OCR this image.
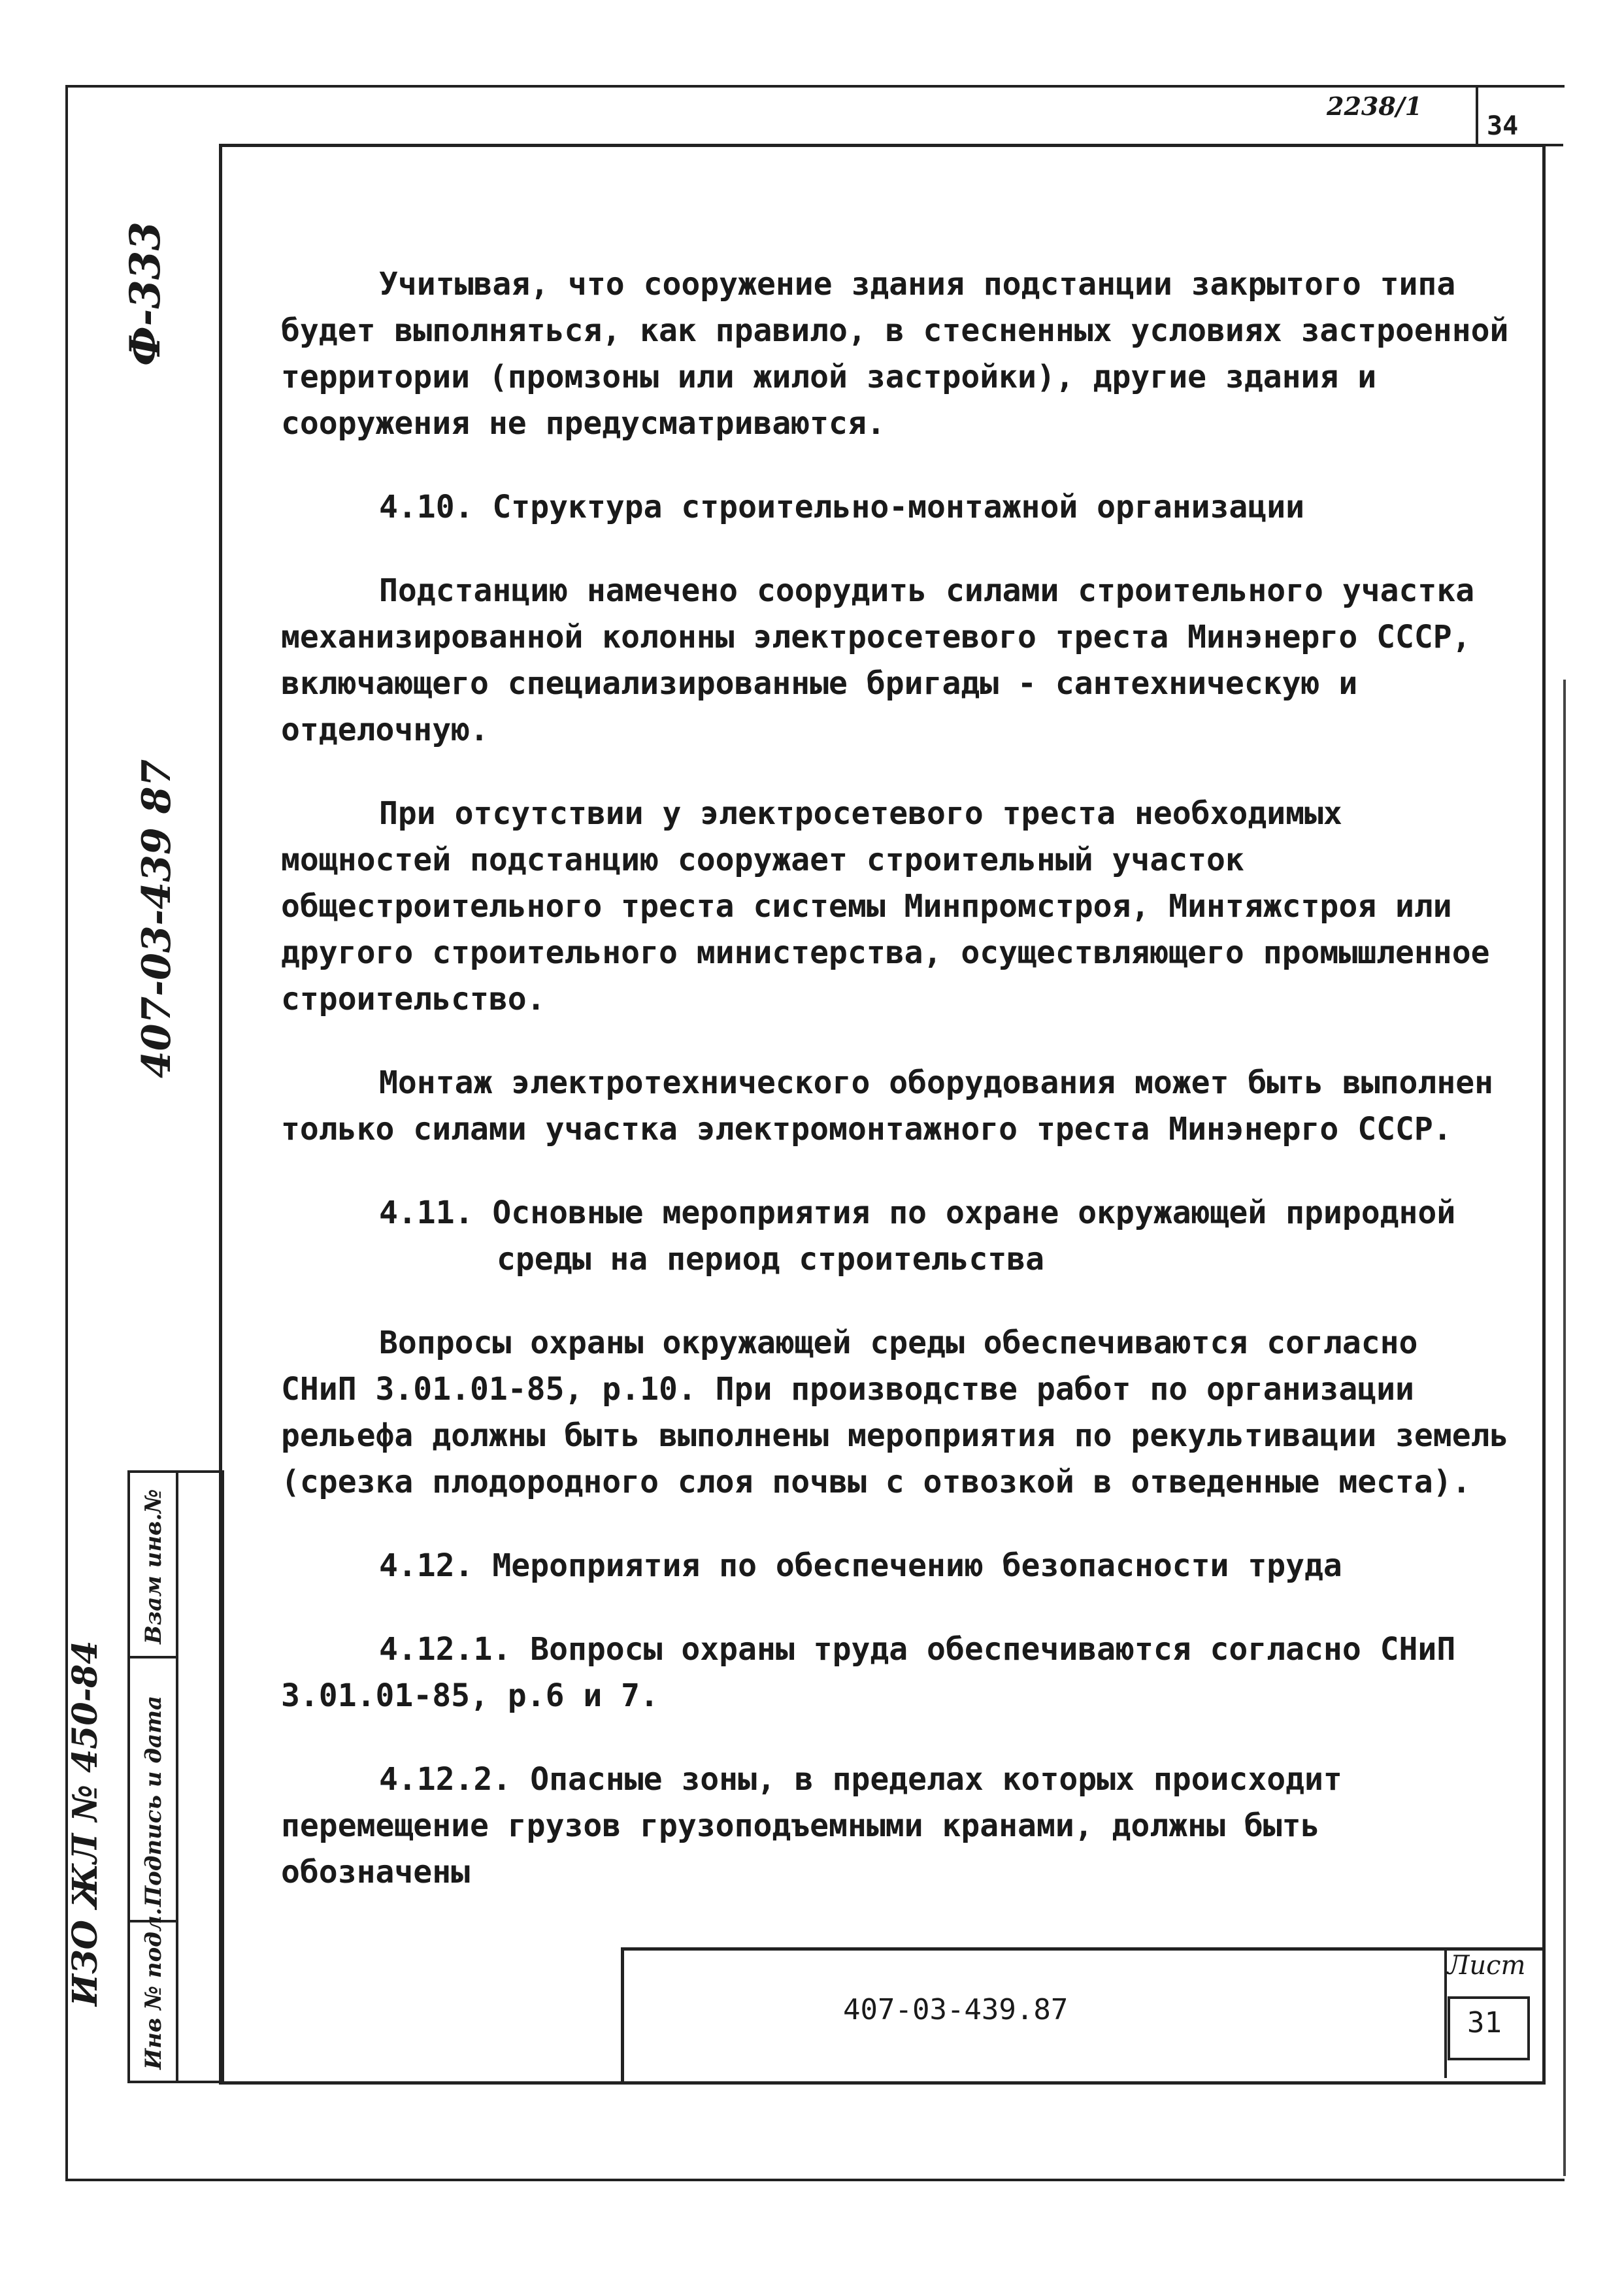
34
2238/1
Ф-333
407-03-439 87
ИЗО ЖЛ № 450-84
Взам инв.№
Подпись и дата
Инв № подл.

Учитывая, что сооружение здания подстанции закрытого типа будет выполняться, как правило, в стесненных условиях застроенной территории (промзоны или жилой застройки), другие здания и сооружения не предусматриваются.

4.10. Структура строительно-монтажной организации

Подстанцию намечено соорудить силами строительного участка механизированной колонны электросетевого треста Минэнерго СССР, включающего специализированные бригады - сантехническую и отделочную.

При отсутствии у электросетевого треста необходимых мощностей подстанцию сооружает строительный участок общестроительного треста системы Минпромстроя, Минтяжстроя или другого строительного министерства, осуществляющего промышленное строительство.

Монтаж электротехнического оборудования может быть выполнен только силами участка электромонтажного треста Минэнерго СССР.

4.11. Основные мероприятия по охране окружающей природной среды на период строительства

Вопросы охраны окружающей среды обеспечиваются согласно СНиП 3.01.01-85, р.10. При производстве работ по организации рельефа должны быть выполнены мероприятия по рекультивации земель (срезка плодородного слоя почвы с отвозкой в отведенные места).

4.12. Мероприятия по обеспечению безопасности труда

4.12.1. Вопросы охраны труда обеспечиваются согласно СНиП 3.01.01-85, р.6 и 7.

4.12.2. Опасные зоны, в пределах которых происходит перемещение грузов грузоподъемными кранами, должны быть обозначены

407-03-439.87
Лист
31
